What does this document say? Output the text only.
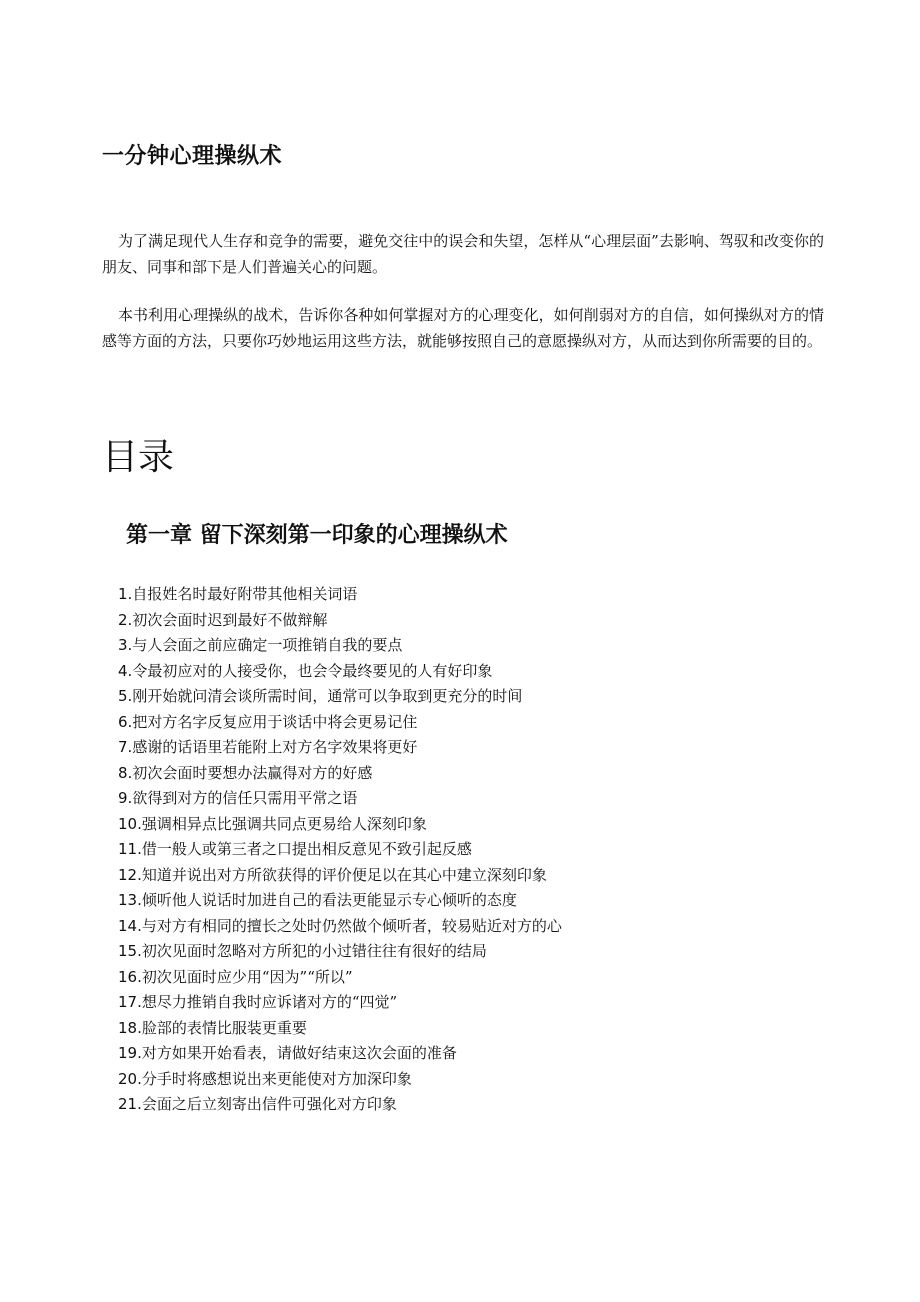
一分钟心理操纵术

为了满足现代人生存和竞争的需要，避免交往中的误会和失望，怎样从“心理层面”去影响、驾驭和改变你的朋友、同事和部下是人们普遍关心的问题。

本书利用心理操纵的战术，告诉你各种如何掌握对方的心理变化，如何削弱对方的自信，如何操纵对方的情感等方面的方法，只要你巧妙地运用这些方法，就能够按照自己的意愿操纵对方，从而达到你所需要的目的。

目录
第一章 留下深刻第一印象的心理操纵术
1.自报姓名时最好附带其他相关词语
2.初次会面时迟到最好不做辩解
3.与人会面之前应确定一项推销自我的要点
4.令最初应对的人接受你，也会令最终要见的人有好印象
5.刚开始就问清会谈所需时间，通常可以争取到更充分的时间
6.把对方名字反复应用于谈话中将会更易记住
7.感谢的话语里若能附上对方名字效果将更好
8.初次会面时要想办法赢得对方的好感
9.欲得到对方的信任只需用平常之语
10.强调相异点比强调共同点更易给人深刻印象
11.借一般人或第三者之口提出相反意见不致引起反感
12.知道并说出对方所欲获得的评价便足以在其心中建立深刻印象
13.倾听他人说话时加进自己的看法更能显示专心倾听的态度
14.与对方有相同的擅长之处时仍然做个倾听者，较易贴近对方的心
15.初次见面时忽略对方所犯的小过错往往有很好的结局
16.初次见面时应少用“因为”“所以”
17.想尽力推销自我时应诉诸对方的“四觉”
18.脸部的表情比服装更重要
19.对方如果开始看表，请做好结束这次会面的准备
20.分手时将感想说出来更能使对方加深印象
21.会面之后立刻寄出信件可强化对方印象
